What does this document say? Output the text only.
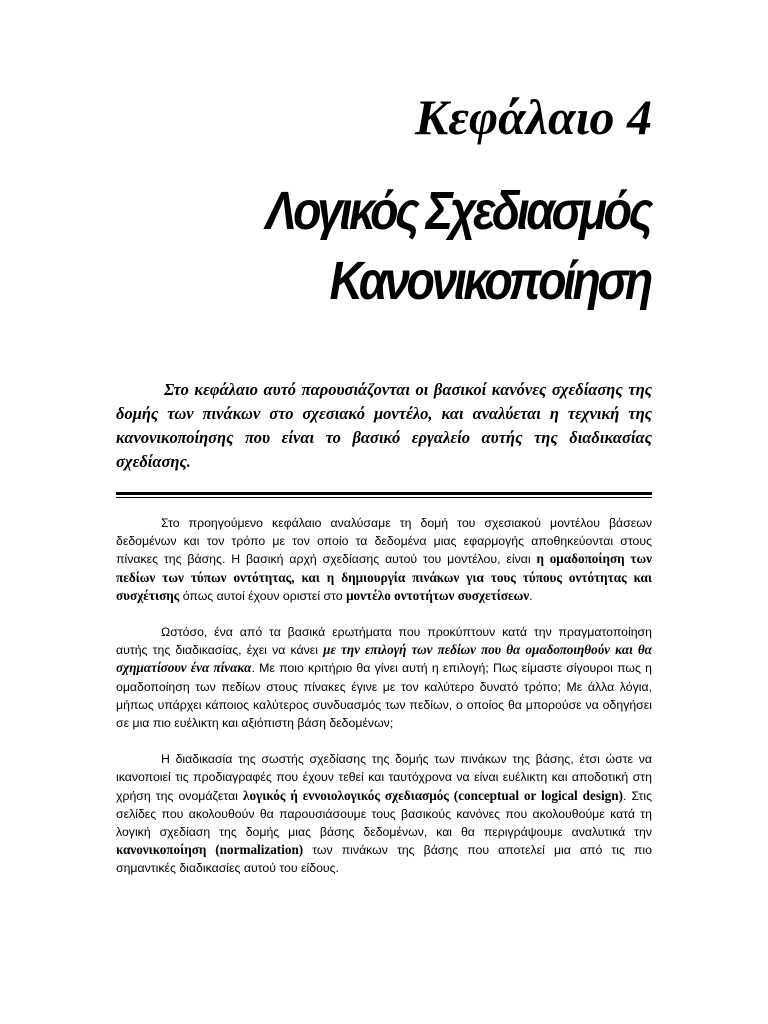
Κεφάλαιο 4
Λογικός Σχεδιασμός
Κανονικοποίηση

Στο κεφάλαιο αυτό παρουσιάζονται οι βασικοί κανόνες σχεδίασης της δομής των πινάκων στο σχεσιακό μοντέλο, και αναλύεται η τεχνική της κανονικοποίησης που είναι το βασικό εργαλείο αυτής της διαδικασίας σχεδίασης.

Στο προηγούμενο κεφάλαιο αναλύσαμε τη δομή του σχεσιακού μοντέλου βάσεων δεδομένων και τον τρόπο με τον οποίο τα δεδομένα μιας εφαρμογής αποθηκεύονται στους πίνακες της βάσης. Η βασική αρχή σχεδίασης αυτού του μοντέλου, είναι η ομαδοποίηση των πεδίων των τύπων οντότητας, και η δημιουργία πινάκων για τους τύπους οντότητας και συσχέτισης όπως αυτοί έχουν οριστεί στο μοντέλο οντοτήτων συσχετίσεων.

Ωστόσο, ένα από τα βασικά ερωτήματα που προκύπτουν κατά την πραγματοποίηση αυτής της διαδικασίας, έχει να κάνει με την επιλογή των πεδίων που θα ομαδοποιηθούν και θα σχηματίσουν ένα πίνακα. Με ποιο κριτήριο θα γίνει αυτή η επιλογή; Πως είμαστε σίγουροι πως η ομαδοποίηση των πεδίων στους πίνακες έγινε με τον καλύτερο δυνατό τρόπο; Με άλλα λόγια, μήπως υπάρχει κάποιος καλύτερος συνδυασμός των πεδίων, ο οποίος θα μπορούσε να οδηγήσει σε μια πιο ευέλικτη και αξιόπιστη βάση δεδομένων;

Η διαδικασία της σωστής σχεδίασης της δομής των πινάκων της βάσης, έτσι ώστε να ικανοποιεί τις προδιαγραφές που έχουν τεθεί και ταυτόχρονα να είναι ευέλικτη και αποδοτική στη χρήση της ονομάζεται λογικός ή εννοιολογικός σχεδιασμός (conceptual or logical design). Στις σελίδες που ακολουθούν θα παρουσιάσουμε τους βασικούς κανόνες που ακολουθούμε κατά τη λογική σχεδίαση της δομής μιας βάσης δεδομένων, και θα περιγράψουμε αναλυτικά την κανονικοποίηση (normalization) των πινάκων της βάσης που αποτελεί μια από τις πιο σημαντικές διαδικασίες αυτού του είδους.
